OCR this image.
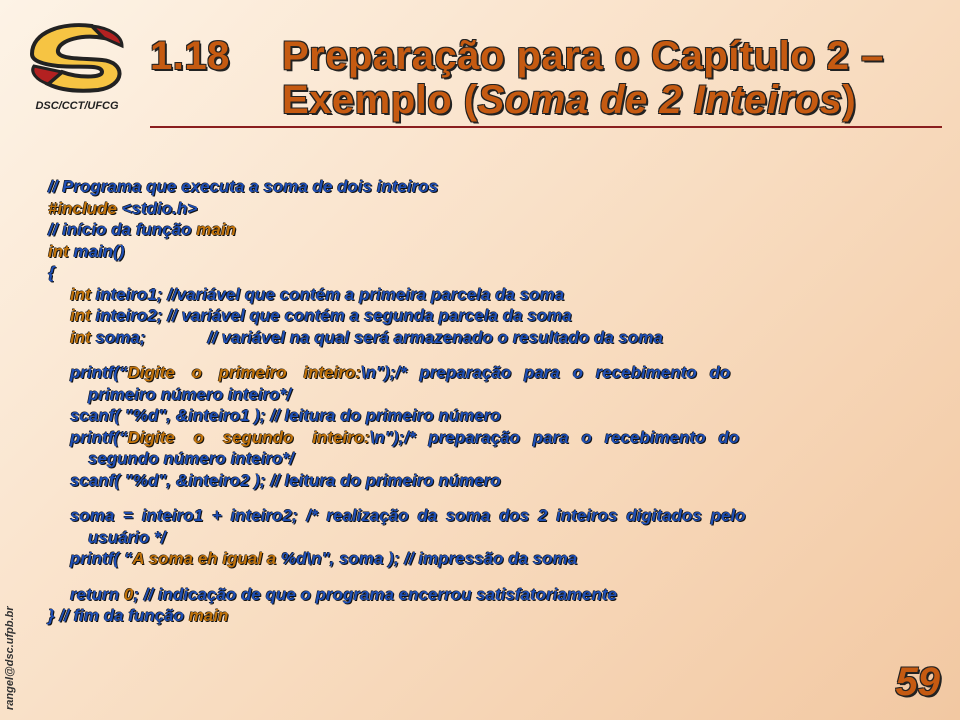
DSC/CCT/UFCG
1.18 Preparação para o Capítulo 2 –
Exemplo (Soma de 2 Inteiros)
// Programa que executa a soma de dois inteiros
#include <stdio.h>
// início da função main
int main()
{
int inteiro1; //variável que contém a primeira parcela da soma
int inteiro2; // variável que contém a segunda parcela da soma
int soma;	// variável na qual será armazenado o resultado da soma
printf(“Digite o primeiro inteiro:\n");/* preparação para o recebimento do
primeiro número inteiro*/
scanf( "%d", &inteiro1 ); // leitura do primeiro número
printf(“Digite o segundo inteiro:\n");/* preparação para o recebimento do
segundo número inteiro*/
scanf( "%d", &inteiro2 ); // leitura do primeiro número
soma = inteiro1 + inteiro2; /* realização da soma dos 2 inteiros digitados pelo
usuário */
printf( “A soma eh igual a %d\n", soma ); // impressão da soma
return 0; // indicação de que o programa encerrou satisfatoriamente
} // fim da função main
rangel@dsc.ufpb.br	59
